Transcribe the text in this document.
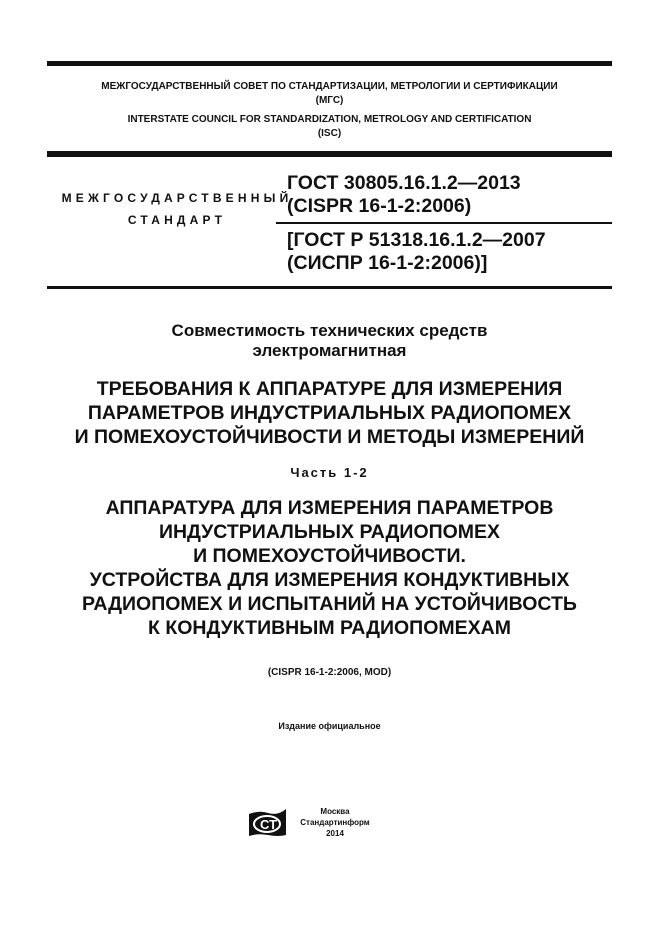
МЕЖГОСУДАРСТВЕННЫЙ СОВЕТ ПО СТАНДАРТИЗАЦИИ, МЕТРОЛОГИИ И СЕРТИФИКАЦИИ
(МГС)
INTERSTATE COUNCIL FOR STANDARDIZATION, METROLOGY AND CERTIFICATION
(ISC)
МЕЖГОСУДАРСТВЕННЫЙ
СТАНДАРТ
ГОСТ 30805.16.1.2—2013
(CISPR 16-1-2:2006)
[ГОСТ Р 51318.16.1.2—2007
(СИСПР 16-1-2:2006)]
Совместимость технических средств
электромагнитная
ТРЕБОВАНИЯ К АППАРАТУРЕ ДЛЯ ИЗМЕРЕНИЯ
ПАРАМЕТРОВ ИНДУСТРИАЛЬНЫХ РАДИОПОМЕХ
И ПОМЕХОУСТОЙЧИВОСТИ И МЕТОДЫ ИЗМЕРЕНИЙ
Часть 1-2
АППАРАТУРА ДЛЯ ИЗМЕРЕНИЯ ПАРАМЕТРОВ
ИНДУСТРИАЛЬНЫХ РАДИОПОМЕХ
И ПОМЕХОУСТОЙЧИВОСТИ.
УСТРОЙСТВА ДЛЯ ИЗМЕРЕНИЯ КОНДУКТИВНЫХ
РАДИОПОМЕХ И ИСПЫТАНИЙ НА УСТОЙЧИВОСТЬ
К КОНДУКТИВНЫМ РАДИОПОМЕХАМ
(CISPR 16-1-2:2006, MOD)
Издание официальное
СТ
Москва
Стандартинформ
2014
